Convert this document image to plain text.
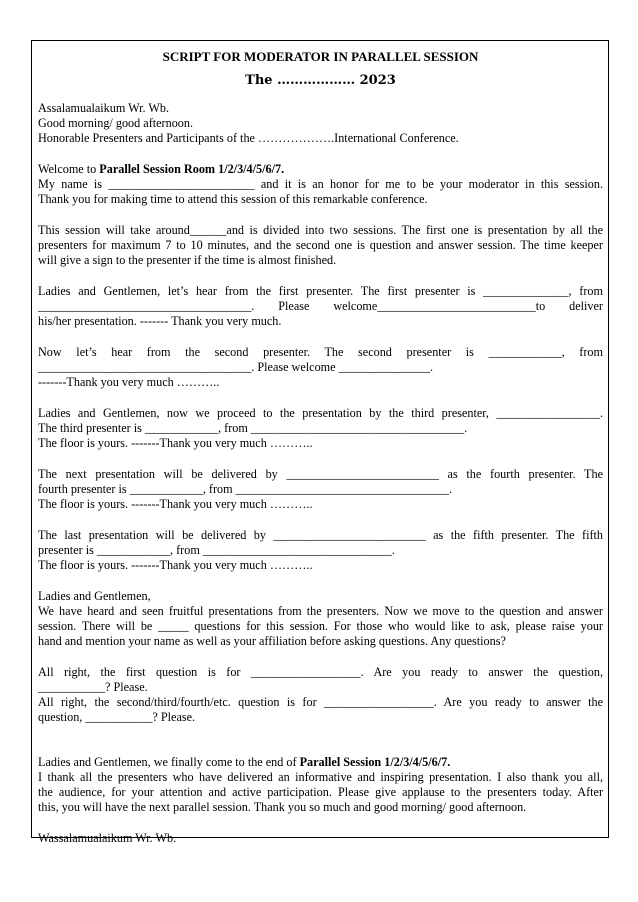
SCRIPT FOR MODERATOR IN PARALLEL SESSION

The ……………… 2023

Assalamualaikum Wr. Wb.

Good morning/ good afternoon.

Honorable Presenters and Participants of the ……………….International Conference.

Welcome to Parallel Session Room 1/2/3/4/5/6/7.

My name is ________________________ and it is an honor for me to be your moderator in this session.

Thank you for making time to attend this session of this remarkable conference.

This session will take around______and is divided into two sessions. The first one is presentation by all the

presenters for maximum 7 to 10 minutes, and the second one is question and answer session. The time keeper

will give a sign to the presenter if the time is almost finished.

Ladies and Gentlemen, let’s hear from the first presenter. The first presenter is ______________, from

___________________________________. Please welcome__________________________to deliver

his/her presentation. ------- Thank you very much.

Now let’s hear from the second presenter. The second presenter is ____________, from

___________________________________. Please welcome _______________.

-------Thank you very much ………..

Ladies and Gentlemen, now we proceed to the presentation by the third presenter, _________________.

The third presenter is ____________, from ___________________________________.

The floor is yours. -------Thank you very much ………..

The next presentation will be delivered by _________________________ as the fourth presenter. The

fourth presenter is ____________, from ___________________________________.

The floor is yours. -------Thank you very much ………..

The last presentation will be delivered by _________________________ as the fifth presenter. The fifth

presenter is ____________, from _______________________________.

The floor is yours. -------Thank you very much ………..

Ladies and Gentlemen,

We have heard and seen fruitful presentations from the presenters. Now we move to the question and answer

session. There will be _____ questions for this session. For those who would like to ask, please raise your

hand and mention your name as well as your affiliation before asking questions. Any questions?

All right, the first question is for __________________. Are you ready to answer the question,

___________? Please.

All right, the second/third/fourth/etc. question is for __________________. Are you ready to answer the

question, ___________? Please.

Ladies and Gentlemen, we finally come to the end of Parallel Session 1/2/3/4/5/6/7.

I thank all the presenters who have delivered an informative and inspiring presentation. I also thank you all,

the audience, for your attention and active participation. Please give applause to the presenters today. After

this, you will have the next parallel session. Thank you so much and good morning/ good afternoon.

Wassalamualaikum Wr. Wb.
